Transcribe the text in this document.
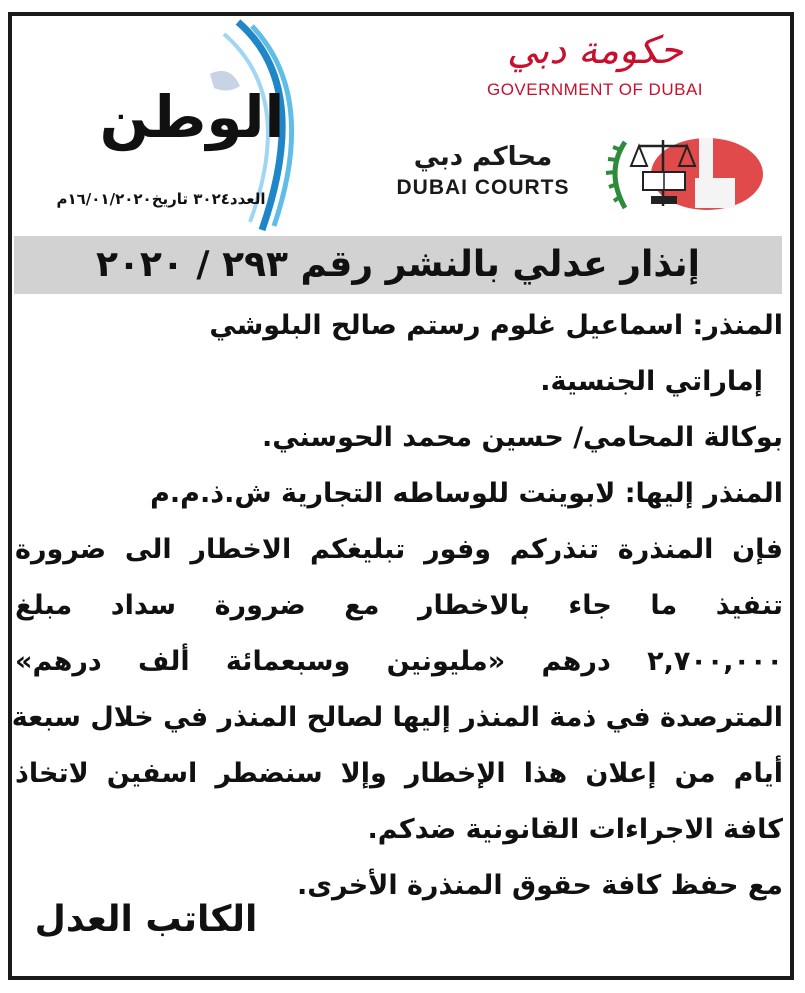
حكومة دبي
GOVERNMENT OF DUBAI
محاكم دبي
DUBAI COURTS
الوطن
العدد٣٠٢٤ تاريخ١٦/٠١/٢٠٢٠م
إنذار عدلي بالنشر رقم ٢٩٣ / ٢٠٢٠
المنذر: اسماعيل غلوم رستم صالح البلوشي
إماراتي الجنسية.
بوكالة المحامي/ حسين محمد الحوسني.
المنذر إليها: لابوينت للوساطه التجارية ش.ذ.م.م
فإن المنذرة تنذركم وفور تبليغكم الاخطار الى ضرورة
تنفيذ ما جاء بالاخطار مع ضرورة سداد مبلغ
٢,٧٠٠,٠٠٠ درهم «مليونين وسبعمائة ألف درهم»
المترصدة في ذمة المنذر إليها لصالح المنذر في خلال سبعة
أيام من إعلان هذا الإخطار وإلا سنضطر اسفين لاتخاذ
كافة الاجراءات القانونية ضدكم.
مع حفظ كافة حقوق المنذرة الأخرى.
الكاتب العدل
